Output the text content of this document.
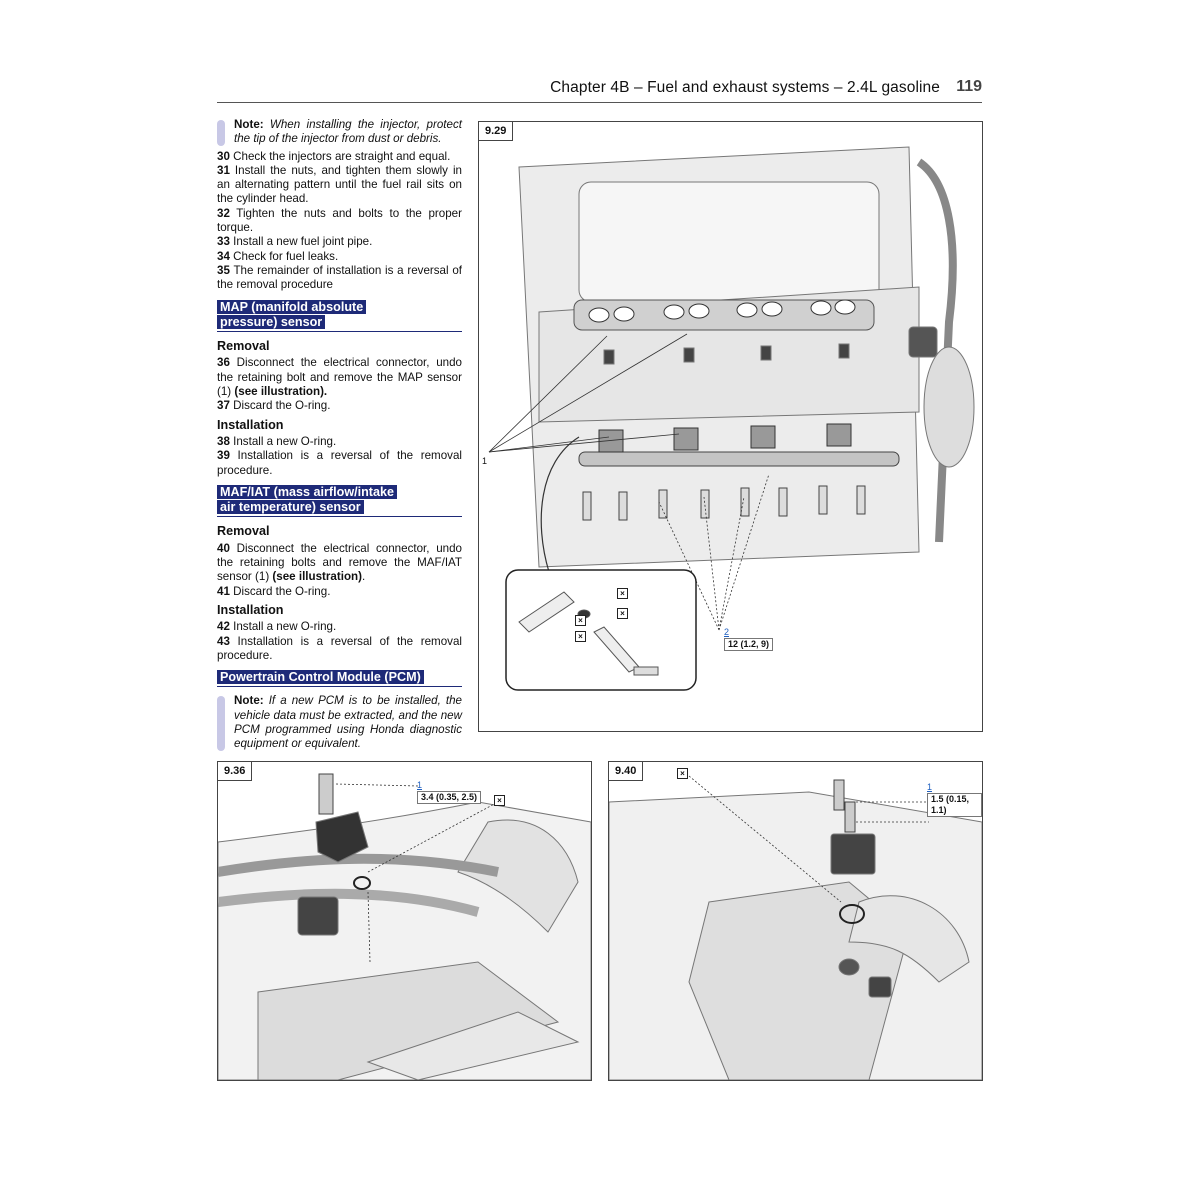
Chapter 4B – Fuel and exhaust systems – 2.4L gasoline 119
Note: When installing the injector, protect the tip of the injector from dust or debris.

30 Check the injectors are straight and equal.

31 Install the nuts, and tighten them slowly in an alternating pattern until the fuel rail sits on the cylinder head.

32 Tighten the nuts and bolts to the proper torque.

33 Install a new fuel joint pipe.

34 Check for fuel leaks.

35 The remainder of installation is a reversal of the removal procedure

MAP (manifold absolute
pressure) sensor
Removal

36 Disconnect the electrical connector, undo the retaining bolt and remove the MAP sensor (1) (see illustration).

37 Discard the O-ring.

Installation

38 Install a new O-ring.

39 Installation is a reversal of the removal procedure.

MAF/IAT (mass airflow/intake
air temperature) sensor
Removal

40 Disconnect the electrical connector, undo the retaining bolts and remove the MAF/IAT sensor (1) (see illustration).

41 Discard the O-ring.

Installation

42 Install a new O-ring.

43 Installation is a reversal of the removal procedure.

Powertrain Control Module (PCM)
Note: If a new PCM is to be installed, the vehicle data must be extracted, and the new PCM programmed using Honda diagnostic equipment or equivalent.
9.29
×
×
×
×
1
2
12 (1.2, 9)
9.36
×
1
3.4 (0.35, 2.5)
9.40	×
1
1.5 (0.15, 1.1)
